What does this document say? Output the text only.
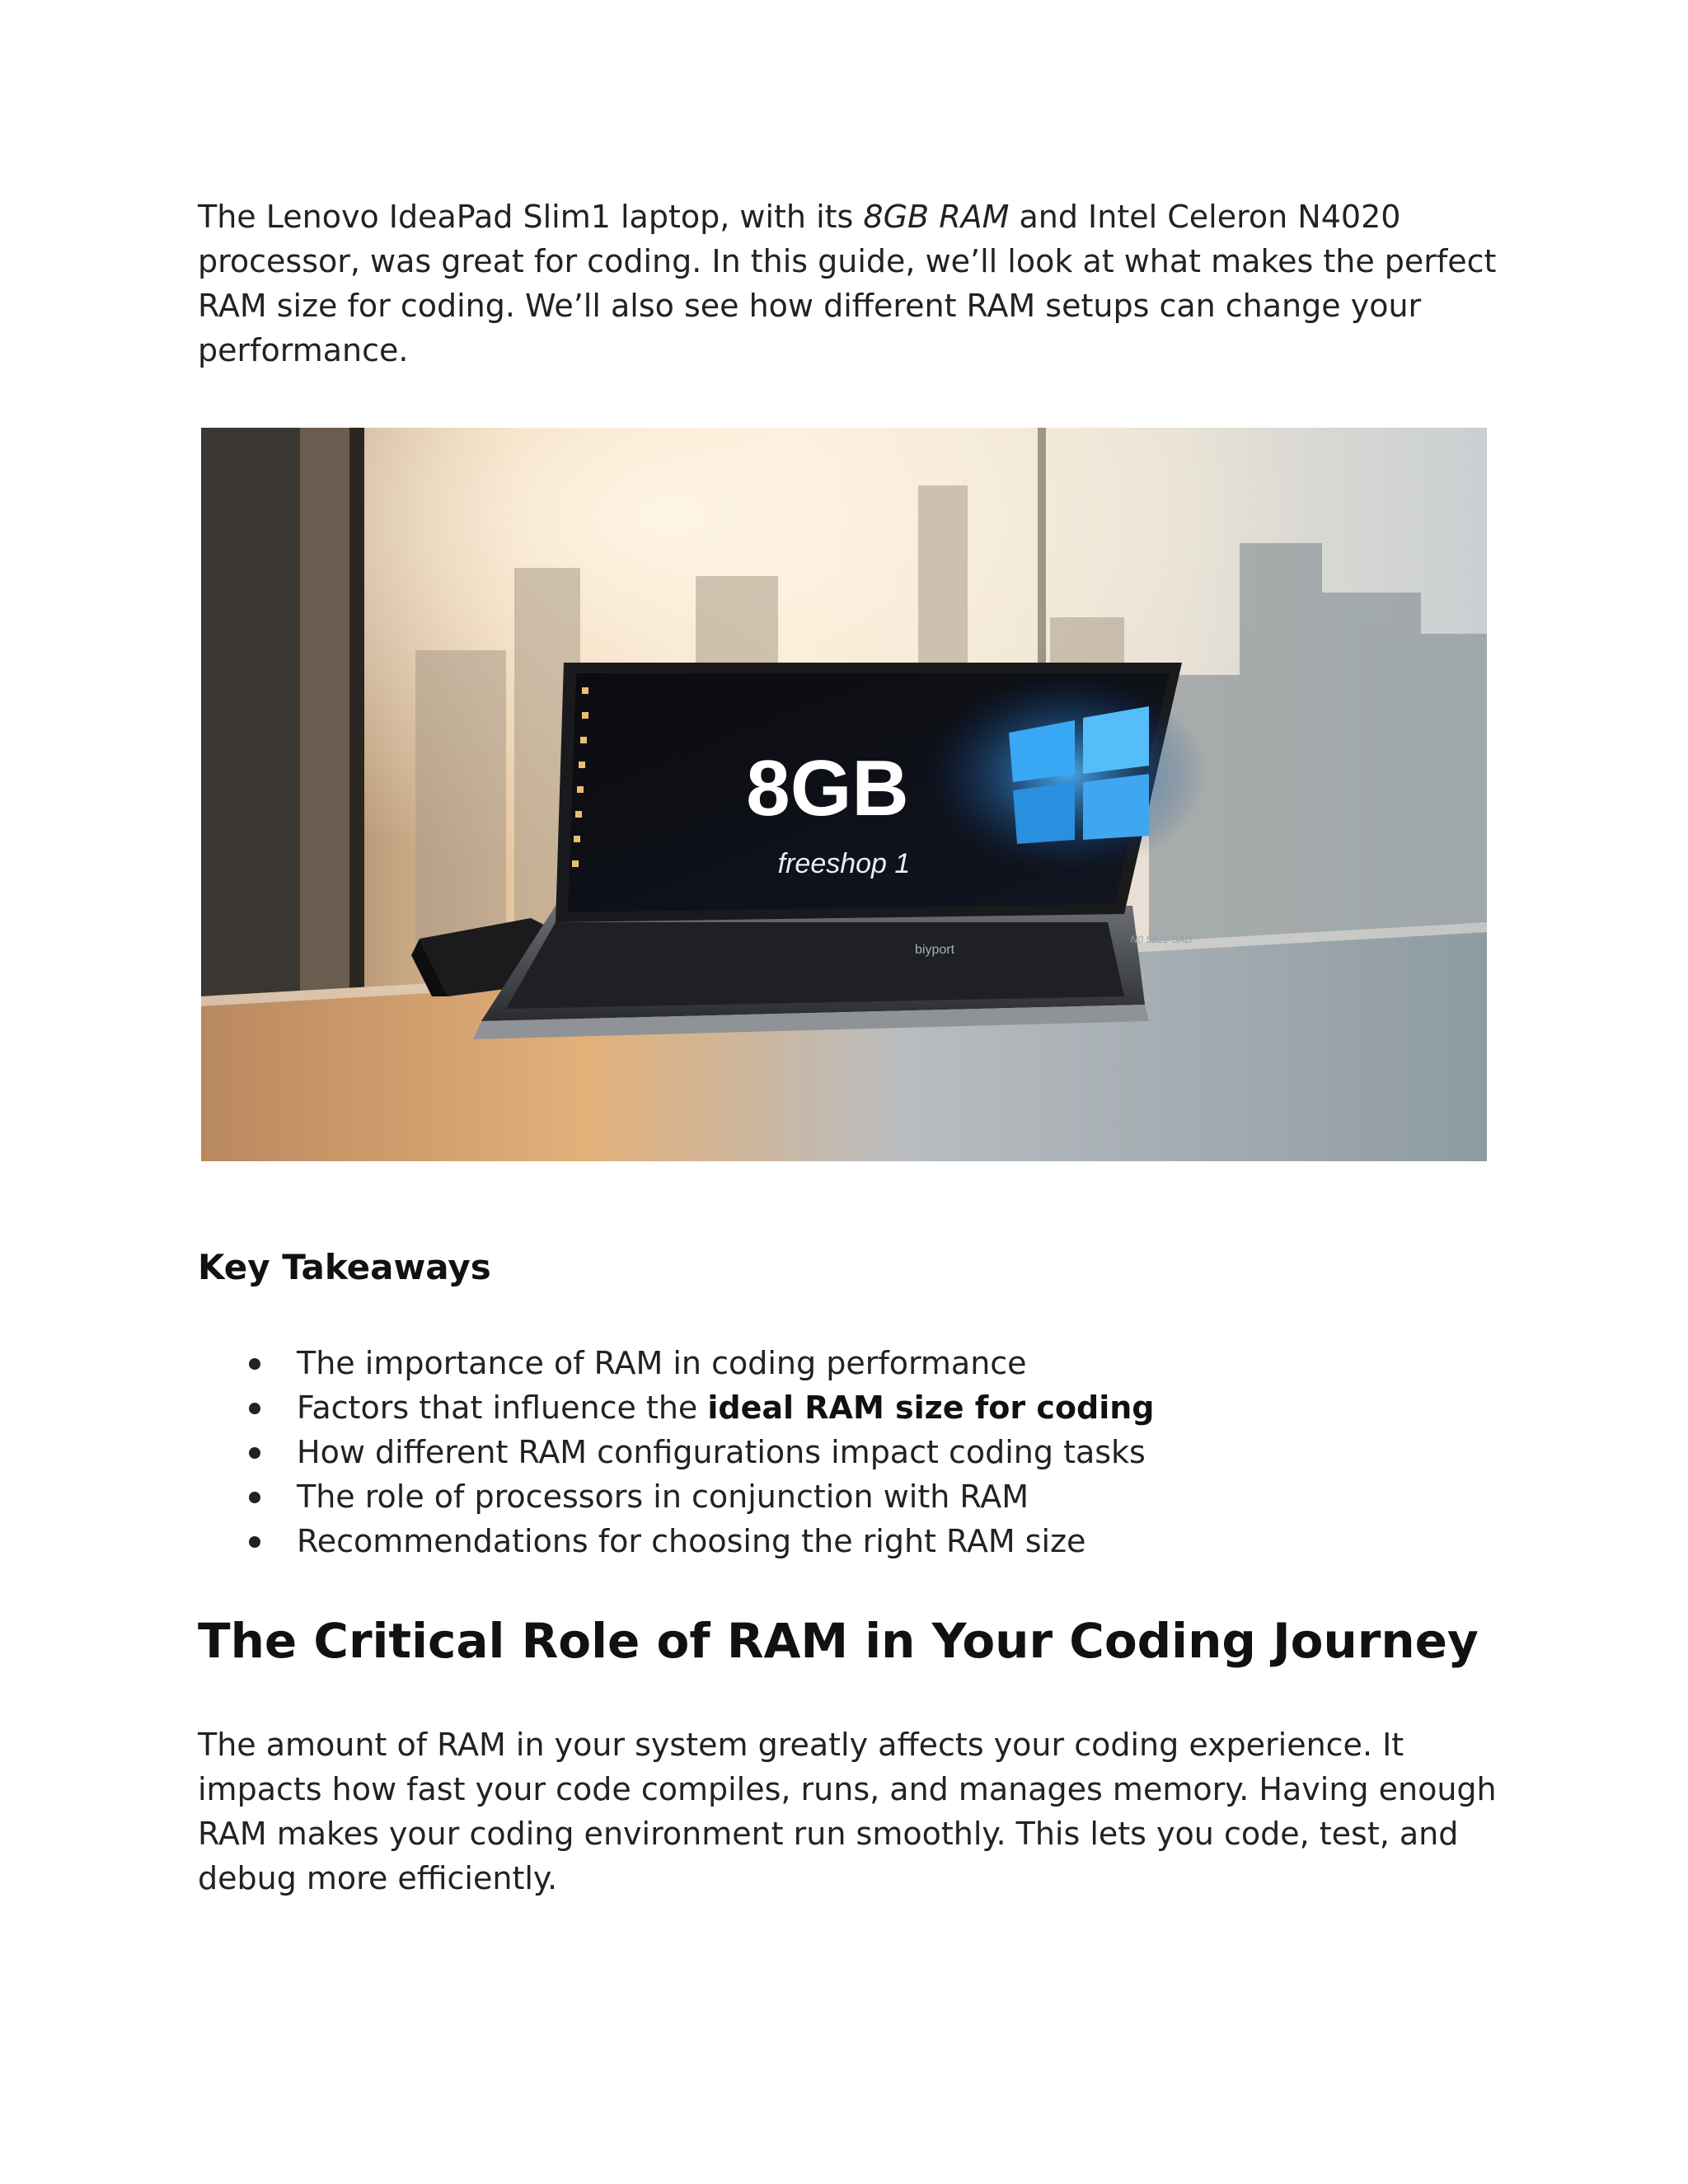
The Lenovo IdeaPad Slim1 laptop, with its 8GB RAM and Intel Celeron N4020 processor, was great for coding. In this guide, we’ll look at what makes the perfect RAM size for coding. We’ll also see how different RAM setups can change your performance.

8GB
freeshop 1
biyport
N0 5B22 SAD
Key Takeaways
The importance of RAM in coding performance
Factors that influence the ideal RAM size for coding
How different RAM configurations impact coding tasks
The role of processors in conjunction with RAM
Recommendations for choosing the right RAM size
The Critical Role of RAM in Your Coding Journey

The amount of RAM in your system greatly affects your coding experience. It impacts how fast your code compiles, runs, and manages memory. Having enough RAM makes your coding environment run smoothly. This lets you code, test, and debug more efficiently.
